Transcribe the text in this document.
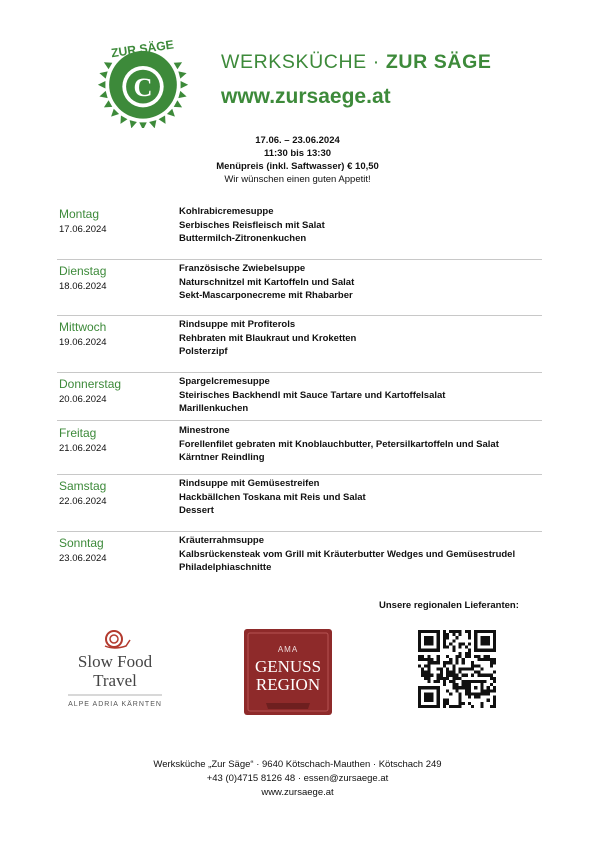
C
ZUR SÄGE
WERKSKÜCHE · ZUR SÄGE
www.zursaege.at
17.06. – 23.06.2024
11:30 bis 13:30
Menüpreis (inkl. Saftwasser) € 10,50
Wir wünschen einen guten Appetit!
Montag
17.06.2024
Kohlrabicremesuppe
Serbisches Reisfleisch mit Salat
Buttermilch-Zitronenkuchen
Dienstag
18.06.2024
Französische Zwiebelsuppe
Naturschnitzel mit Kartoffeln und Salat
Sekt-Mascarponecreme mit Rhabarber
Mittwoch
19.06.2024
Rindsuppe mit Profiterols
Rehbraten mit Blaukraut und Kroketten
Polsterzipf
Donnerstag
20.06.2024
Spargelcremesuppe
Steirisches Backhendl mit Sauce Tartare und Kartoffelsalat
Marillenkuchen
Freitag
21.06.2024
Minestrone
Forellenfilet gebraten mit Knoblauchbutter, Petersilkartoffeln und Salat
Kärntner Reindling
Samstag
22.06.2024
Rindsuppe mit Gemüsestreifen
Hackbällchen Toskana mit Reis und Salat
Dessert
Sonntag
23.06.2024
Kräuterrahmsuppe
Kalbsrückensteak vom Grill mit Kräuterbutter Wedges und Gemüsestrudel
Philadelphiaschnitte
Unsere regionalen Lieferanten:
Slow Food
Travel
ALPE ADRIA KÄRNTEN
AMA
GENUSS
REGION
Werksküche „Zur Säge“ · 9640 Kötschach-Mauthen · Kötschach 249
+43 (0)4715 8126 48 · essen@zursaege.at
www.zursaege.at
